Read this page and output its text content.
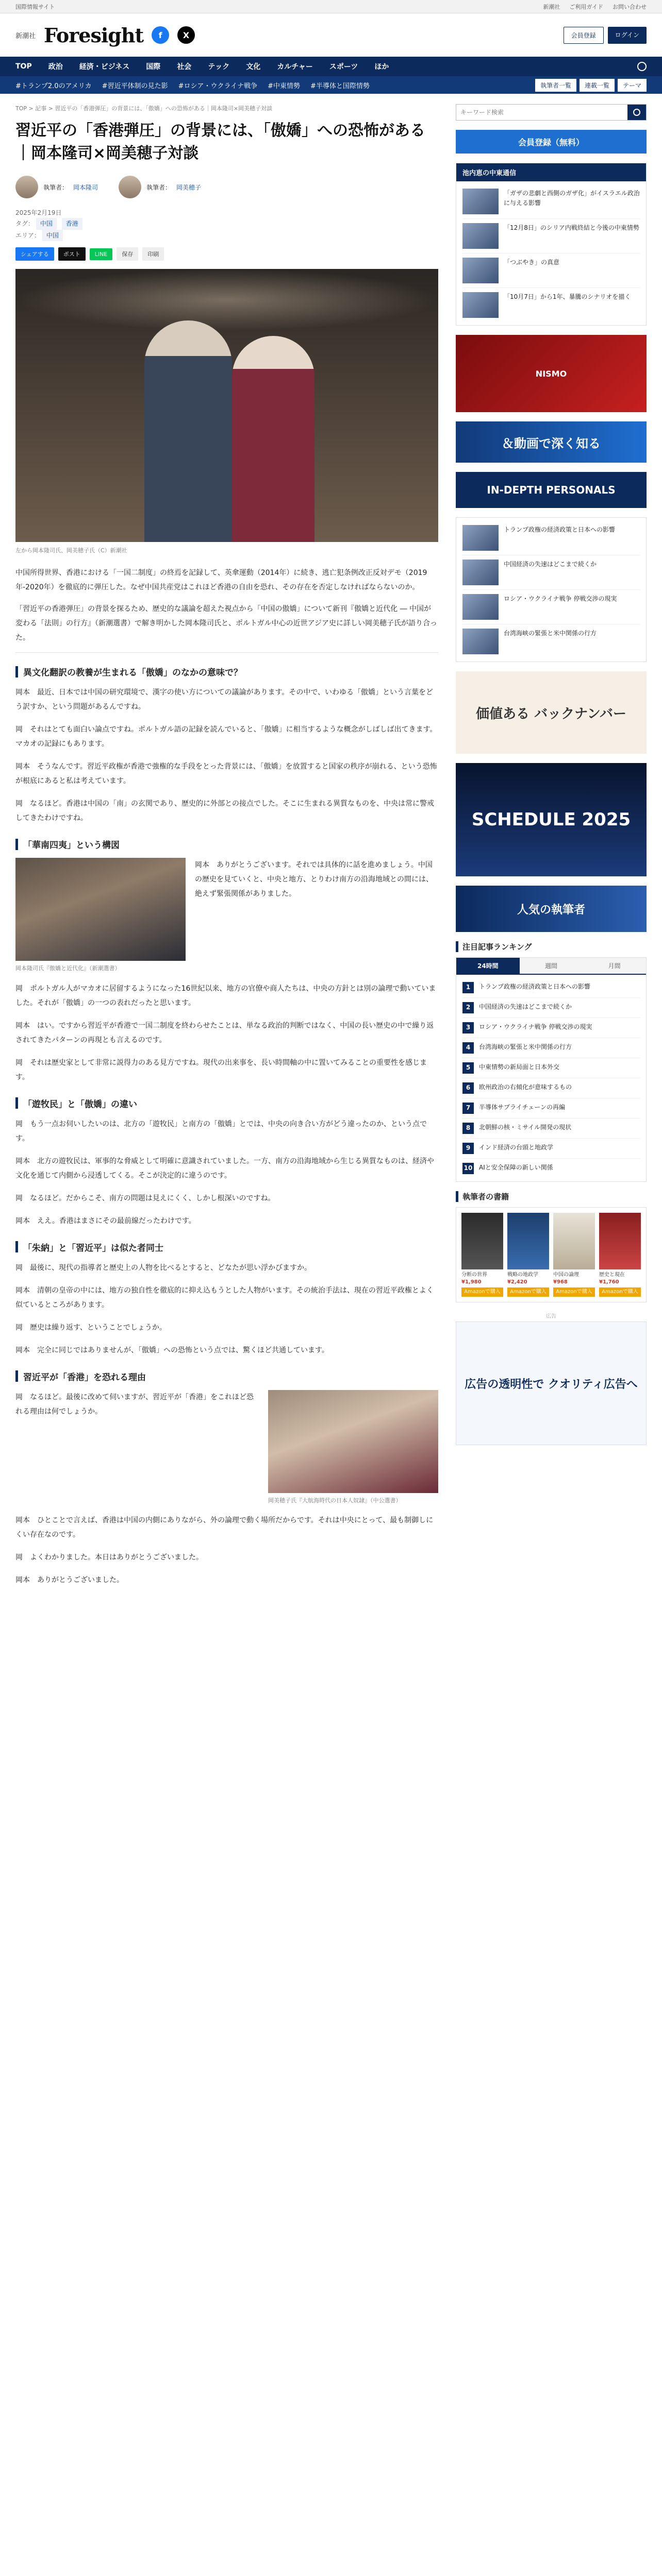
国際情報サイト	新潮社 ご利用ガイド お問い合わせ
新潮社 Foresight	f	X	会員登録	ログイン
TOP 政治 経済・ビジネス 国際 社会 テック 文化 カルチャー スポーツ ほか
#トランプ2.0のアメリカ #習近平体制の見た影 #ロシア・ウクライナ戦争 #中東情勢 #半導体と国際情勢	執筆者一覧	連載一覧	テーマ
TOP > 記事 > 習近平の「香港弾圧」の背景には、「傲嬌」への恐怖がある｜岡本隆司×岡美穂子対談
習近平の「香港弾圧」の背景には、「傲嬌」への恐怖がある｜岡本隆司×岡美穂子対談
執筆者： 岡本隆司	執筆者： 岡美穂子
2025年2月19日
タグ： 中国 香港
エリア： 中国
シェアする	ポスト	LINE	保存	印刷
左から岡本隆司氏、岡美穂子氏（C）新潮社

中国所得世界、香港における「一国二制度」の終焉を記録して、英傘運動（2014年）に続き、逃亡犯条例改正反対デモ（2019年-2020年）を徹底的に弾圧した。なぜ中国共産党はこれほど香港の自由を恐れ、その存在を否定しなければならないのか。

「習近平の香港弾圧」の背景を探るため、歴史的な議論を超えた視点から「中国の傲嬌」について新刊『傲嬌と近代化 ― 中国が変わる「法則」の行方』（新潮選書）で解き明かした岡本隆司氏と、ポルトガル中心の近世アジア史に詳しい岡美穂子氏が語り合った。

異文化翻訳の教養が生まれる「傲嬌」のなかの意味で？

岡本　最近、日本では中国の研究環境で、漢字の使い方についての議論があります。その中で、いわゆる「傲嬌」という言葉をどう訳すか、という問題があるんですね。

岡　それはとても面白い論点ですね。ポルトガル語の記録を読んでいると、「傲嬌」に相当するような概念がしばしば出てきます。マカオの記録にもあります。

岡本　そうなんです。習近平政権が香港で強権的な手段をとった背景には、「傲嬌」を放置すると国家の秩序が崩れる、という恐怖が根底にあると私は考えています。

岡　なるほど。香港は中国の「南」の玄関であり、歴史的に外部との接点でした。そこに生まれる異質なものを、中央は常に警戒してきたわけですね。

「華南四夷」という構図
岡本隆司氏『傲嬌と近代化』（新潮選書）

岡本　ありがとうございます。それでは具体的に話を進めましょう。中国の歴史を見ていくと、中央と地方、とりわけ南方の沿海地域との間には、絶えず緊張関係がありました。

岡　ポルトガル人がマカオに居留するようになった16世紀以来、地方の官僚や商人たちは、中央の方針とは別の論理で動いていました。それが「傲嬌」の一つの表れだったと思います。

岡本　はい。ですから習近平が香港で一国二制度を終わらせたことは、単なる政治的判断ではなく、中国の長い歴史の中で繰り返されてきたパターンの再現とも言えるのです。

岡　それは歴史家として非常に説得力のある見方ですね。現代の出来事を、長い時間軸の中に置いてみることの重要性を感じます。

「遊牧民」と「傲嬌」の違い

岡　もう一点お伺いしたいのは、北方の「遊牧民」と南方の「傲嬌」とでは、中央の向き合い方がどう違ったのか、という点です。

岡本　北方の遊牧民は、軍事的な脅威として明確に意識されていました。一方、南方の沿海地域から生じる異質なものは、経済や文化を通じて内側から浸透してくる。そこが決定的に違うのです。

岡　なるほど。だからこそ、南方の問題は見えにくく、しかし根深いのですね。

岡本　ええ。香港はまさにその最前線だったわけです。

「朱納」と「習近平」は似た者同士

岡　最後に、現代の指導者と歴史上の人物を比べるとすると、どなたが思い浮かびますか。

岡本　清朝の皇帝の中には、地方の独自性を徹底的に抑え込もうとした人物がいます。その統治手法は、現在の習近平政権とよく似ているところがあります。

岡　歴史は繰り返す、ということでしょうか。

岡本　完全に同じではありませんが、「傲嬌」への恐怖という点では、驚くほど共通しています。

習近平が「香港」を恐れる理由

岡　なるほど。最後に改めて伺いますが、習近平が「香港」をこれほど恐れる理由は何でしょうか。

岡美穂子氏『大航海時代の日本人奴隷』（中公選書）

岡本　ひとことで言えば、香港は中国の内側にありながら、外の論理で動く場所だからです。それは中央にとって、最も制御しにくい存在なのです。

岡　よくわかりました。本日はありがとうございました。

岡本　ありがとうございました。

キーワード検索
会員登録（無料）
池内恵の中東通信
「ガザの悲劇と西側のガザ化」がイスラエル政治に与える影響
「12月8日」のシリア内戦終結と今後の中東情勢
「つぶやき」の真意
「10月7日」から1年、暴騰のシナリオを描く
NISMO
＆動画で深く知る
IN-DEPTH PERSONALS
トランプ政権の経済政策と日本への影響
中国経済の失速はどこまで続くか
ロシア・ウクライナ戦争 停戦交渉の現実
台湾海峡の緊張と米中関係の行方
価値ある バックナンバー
SCHEDULE 2025
人気の執筆者
注目記事ランキング
24時間	週間	月間
1	トランプ政権の経済政策と日本への影響
2	中国経済の失速はどこまで続くか
3	ロシア・ウクライナ戦争 停戦交渉の現実
4	台湾海峡の緊張と米中関係の行方
5	中東情勢の新局面と日本外交
6	欧州政治の右傾化が意味するもの
7	半導体サプライチェーンの再編
8	北朝鮮の核・ミサイル開発の現状
9	インド経済の台頭と地政学
10 AIと安全保障の新しい関係
執筆者の書籍
分断の世界
¥1,980
Amazonで購入
戦略の地政学
¥2,420
Amazonで購入
中国の論理
¥968
Amazonで購入
歴史と現在
¥1,760
Amazonで購入
広告
広告の透明性で クオリティ広告へ
